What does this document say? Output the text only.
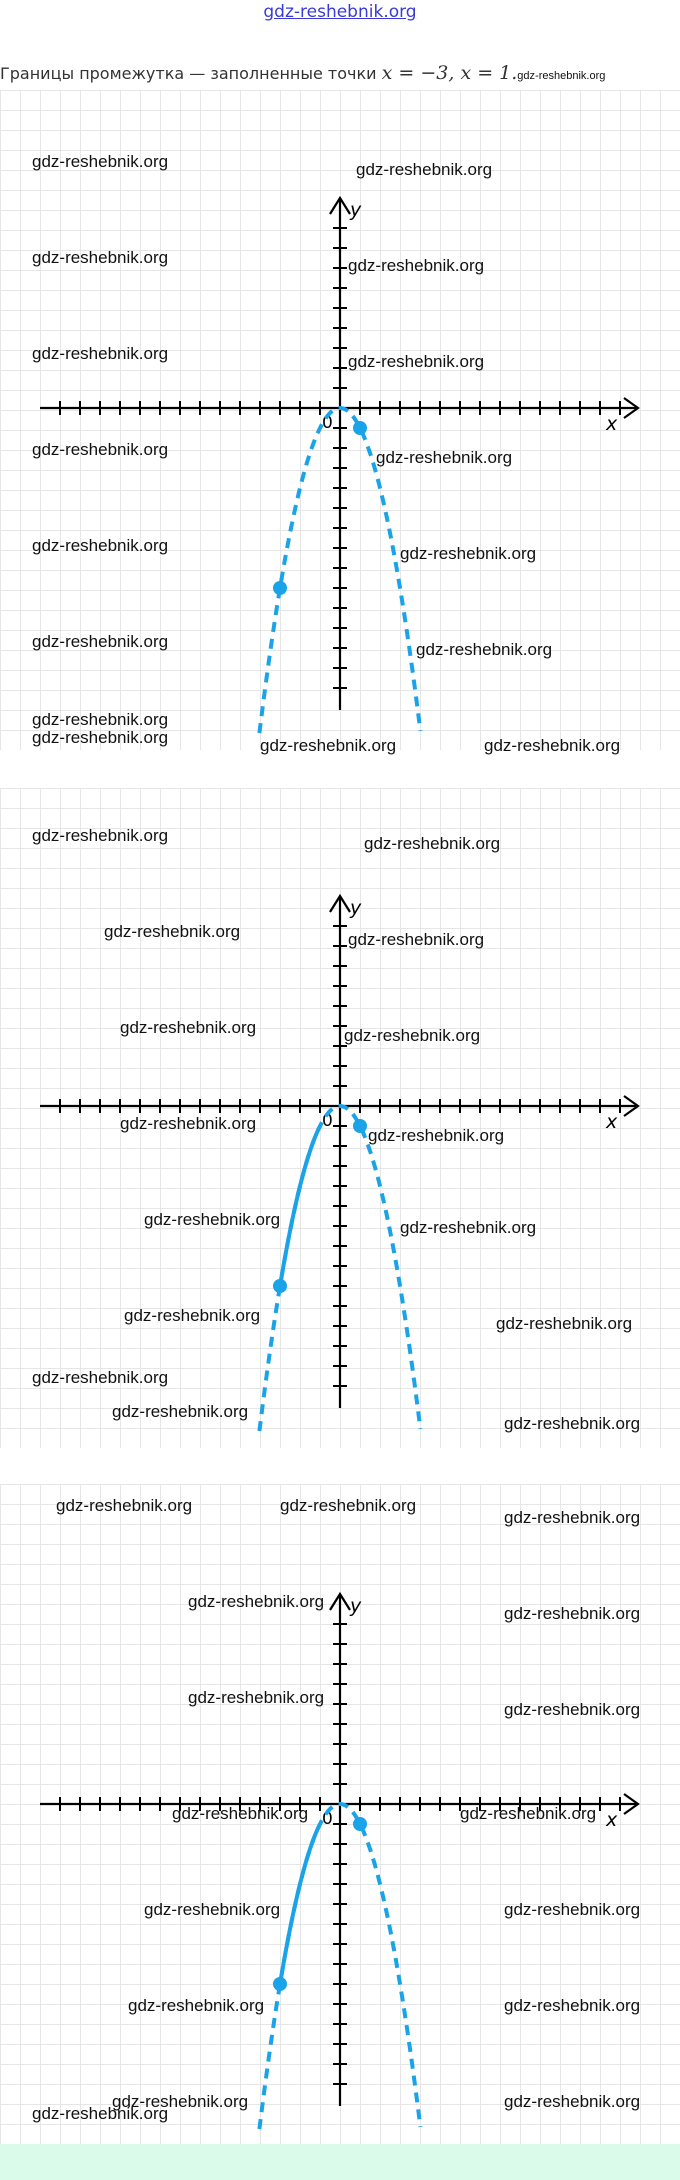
gdz-reshebnik.org
Границы промежутка — заполненные точки x = −3, x = 1.gdz-reshebnik.org
x
y
0
gdz-reshebnik.org	gdz-reshebnik.org
gdz-reshebnik.org	gdz-reshebnik.org
gdz-reshebnik.org	gdz-reshebnik.org
gdz-reshebnik.org	gdz-reshebnik.org
gdz-reshebnik.org	gdz-reshebnik.org
gdz-reshebnik.org	gdz-reshebnik.org
gdz-reshebnik.org	gdz-reshebnik.org	gdz-reshebnik.org
gdz-reshebnik.org
x
y
0
gdz-reshebnik.org	gdz-reshebnik.org
gdz-reshebnik.org	gdz-reshebnik.org
gdz-reshebnik.org	gdz-reshebnik.org
gdz-reshebnik.org
gdz-reshebnik.org
gdz-reshebnik.org	gdz-reshebnik.org
gdz-reshebnik.org	gdz-reshebnik.org
gdz-reshebnik.org
gdz-reshebnik.org
gdz-reshebnik.org
x
y
0
gdz-reshebnik.org	gdz-reshebnik.org
gdz-reshebnik.org
gdz-reshebnik.org
gdz-reshebnik.org
gdz-reshebnik.org
gdz-reshebnik.org
gdz-reshebnik.org	gdz-reshebnik.org
gdz-reshebnik.org	gdz-reshebnik.org
gdz-reshebnik.org	gdz-reshebnik.org
gdz-reshebnik.org	gdz-reshebnik.org
gdz-reshebnik.org
